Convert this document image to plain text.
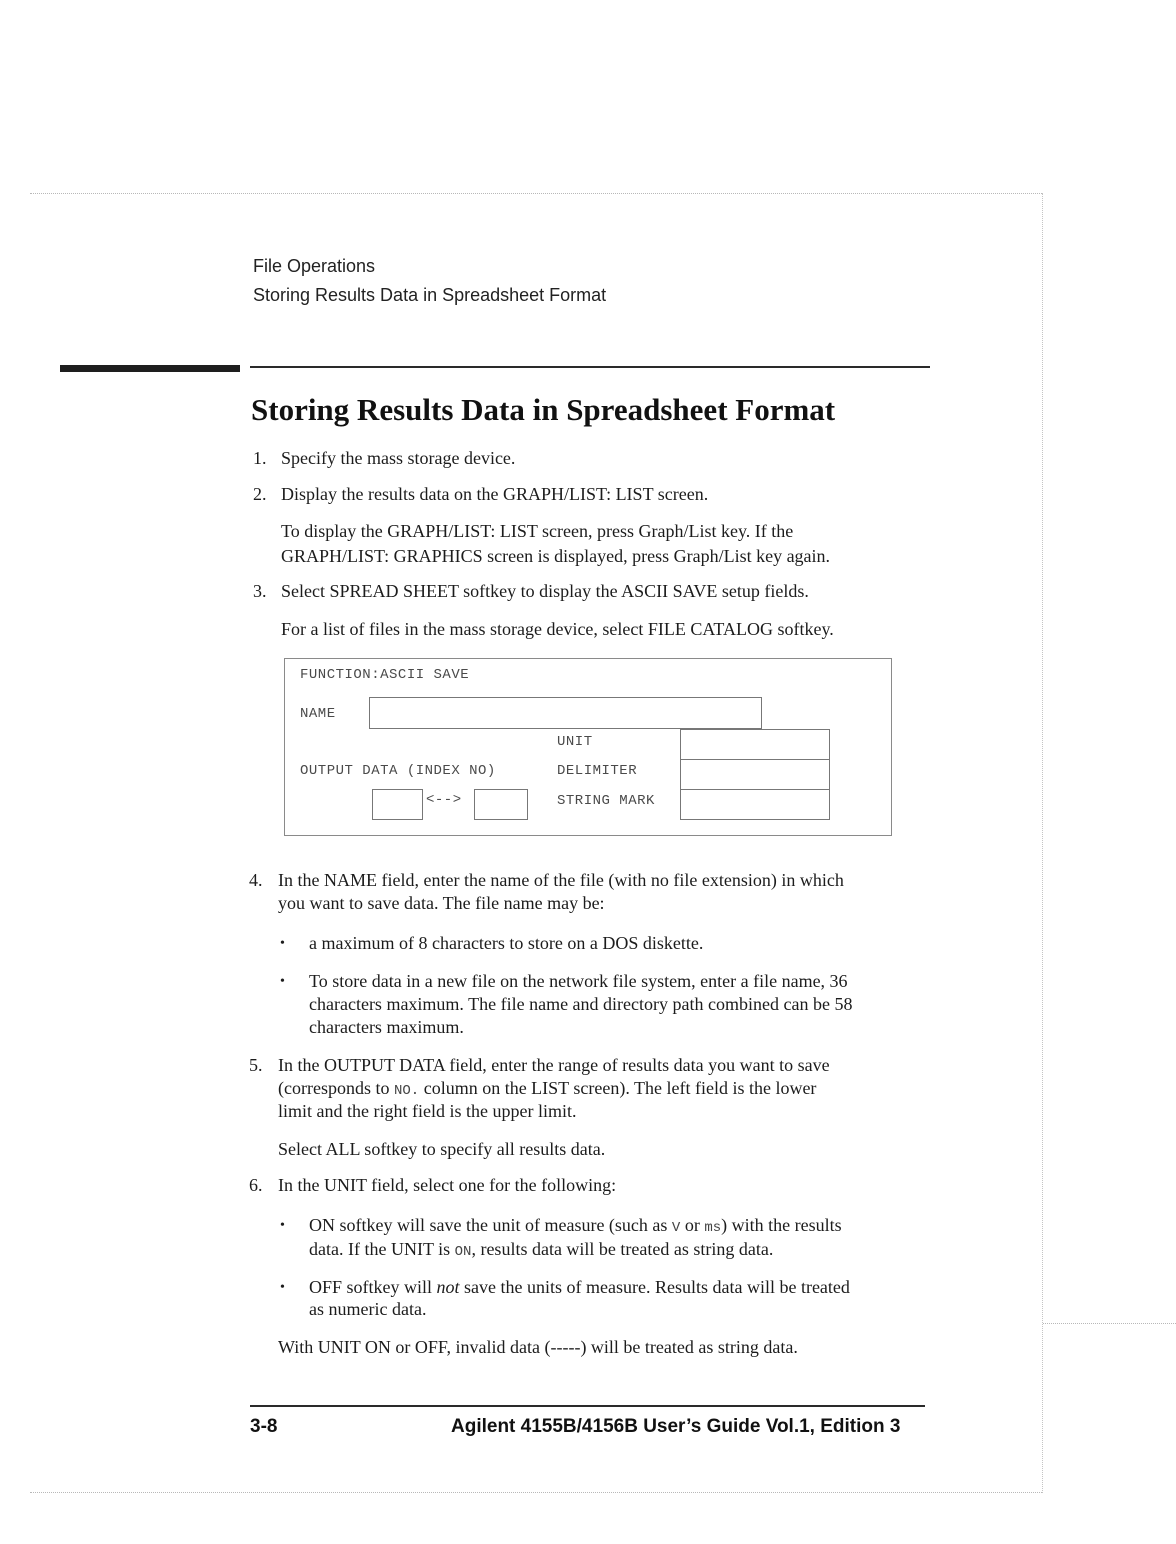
File Operations
Storing Results Data in Spreadsheet Format
Storing Results Data in Spreadsheet Format
1. Specify the mass storage device.
2. Display the results data on the GRAPH/LIST: LIST screen.
To display the GRAPH/LIST: LIST screen, press Graph/List key. If the
GRAPH/LIST: GRAPHICS screen is displayed, press Graph/List key again.
3. Select SPREAD SHEET softkey to display the ASCII SAVE setup fields.
For a list of files in the mass storage device, select FILE CATALOG softkey.
FUNCTION:ASCII SAVE
NAME
UNIT
OUTPUT DATA (INDEX NO)	DELIMITER
<-->	STRING MARK
4. In the NAME field, enter the name of the file (with no file extension) in which
you want to save data. The file name may be:
• a maximum of 8 characters to store on a DOS diskette.
• To store data in a new file on the network file system, enter a file name, 36
characters maximum. The file name and directory path combined can be 58
characters maximum.
5. In the OUTPUT DATA field, enter the range of results data you want to save
(corresponds to NO. column on the LIST screen). The left field is the lower
limit and the right field is the upper limit.
Select ALL softkey to specify all results data.
6. In the UNIT field, select one for the following:
• ON softkey will save the unit of measure (such as V or ms) with the results
data. If the UNIT is ON, results data will be treated as string data.
• OFF softkey will not save the units of measure. Results data will be treated
as numeric data.
With UNIT ON or OFF, invalid data (-----) will be treated as string data.
3-8	Agilent 4155B/4156B User’s Guide Vol.1, Edition 3
